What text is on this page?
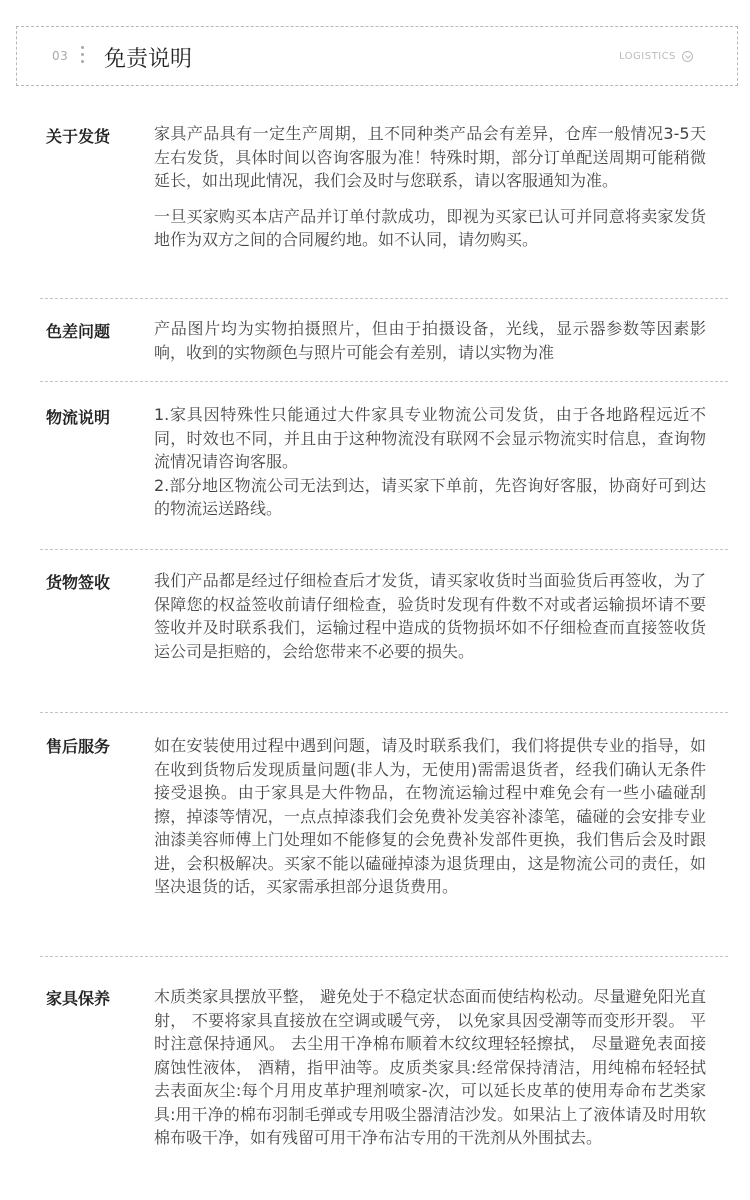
03 免责说明	LOGISTICS
关于发货	家具产品具有一定生产周期，且不同种类产品会有差异，仓库一般情况3-5天左右发货，具体时间以咨询客服为准！特殊时期，部分订单配送周期可能稍微延长，如出现此情况，我们会及时与您联系，请以客服通知为准。

一旦买家购买本店产品并订单付款成功，即视为买家已认可并同意将卖家发货地作为双方之间的合同履约地。如不认同，请勿购买。

色差问题	产品图片均为实物拍摄照片，但由于拍摄设备，光线，显示器参数等因素影响，收到的实物颜色与照片可能会有差别，请以实物为准

物流说明	1.家具因特殊性只能通过大件家具专业物流公司发货，由于各地路程远近不同，时效也不同，并且由于这种物流没有联网不会显示物流实时信息，查询物流情况请咨询客服。

2.部分地区物流公司无法到达，请买家下单前，先咨询好客服，协商好可到达的物流运送路线。

货物签收	我们产品都是经过仔细检查后才发货，请买家收货时当面验货后再签收，为了保障您的权益签收前请仔细检查，验货时发现有件数不对或者运输损坏请不要签收并及时联系我们，运输过程中造成的货物损坏如不仔细检查而直接签收货运公司是拒赔的，会给您带来不必要的损失。

售后服务	如在安装使用过程中遇到问题，请及时联系我们，我们将提供专业的指导，如在收到货物后发现质量问题(非人为，无使用)需需退货者，经我们确认无条件接受退换。由于家具是大件物品，在物流运输过程中难免会有一些小磕碰刮擦，掉漆等情况，一点点掉漆我们会免费补发美容补漆笔，磕碰的会安排专业油漆美容师傅上门处理如不能修复的会免费补发部件更换，我们售后会及时跟进，会积极解决。买家不能以磕碰掉漆为退货理由，这是物流公司的责任，如坚决退货的话，买家需承担部分退货费用。

家具保养	木质类家具摆放平整， 避免处于不稳定状态面而使结构松动。尽量避免阳光直射， 不要将家具直接放在空调或暖气旁， 以免家具因受潮等而变形开裂。 平时注意保持通风。 去尘用干净棉布顺着木纹纹理轻轻擦拭， 尽量避免表面接腐蚀性液体， 酒精，指甲油等。皮质类家具:经常保持清洁，用纯棉布轻轻拭去表面灰尘:每个月用皮革护理剂喷家-次，可以延长皮革的使用寿命布艺类家具:用干净的棉布羽制毛弹或专用吸尘器清洁沙发。如果沾上了液体请及时用软棉布吸干净，如有残留可用干净布沾专用的干洗剂从外围拭去。
